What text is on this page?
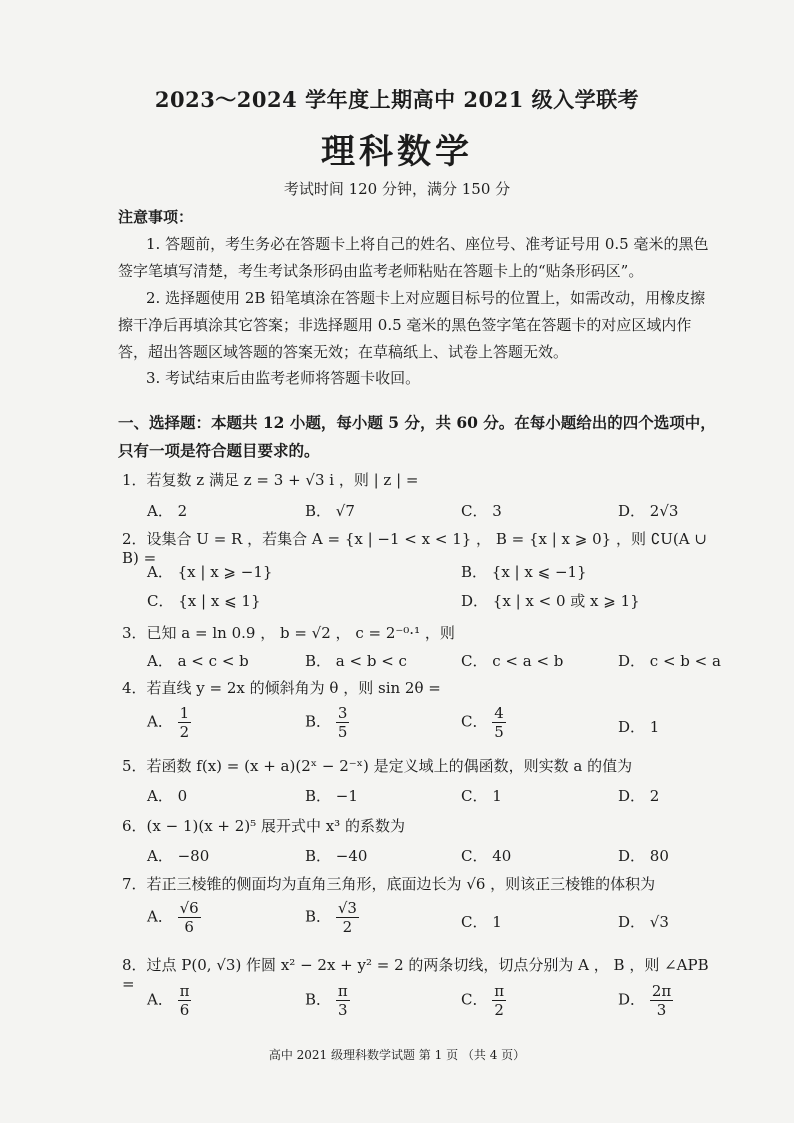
2023～2024 学年度上期高中 2021 级入学联考
理科数学
考试时间 120 分钟，满分 150 分
注意事项：
1. 答题前，考生务必在答题卡上将自己的姓名、座位号、准考证号用 0.5 毫米的黑色签字笔填写清楚，考生考试条形码由监考老师粘贴在答题卡上的“贴条形码区”。
2. 选择题使用 2B 铅笔填涂在答题卡上对应题目标号的位置上，如需改动，用橡皮擦擦干净后再填涂其它答案；非选择题用 0.5 毫米的黑色签字笔在答题卡的对应区域内作答，超出答题区域答题的答案无效；在草稿纸上、试卷上答题无效。
3. 考试结束后由监考老师将答题卡收回。
一、选择题：本题共 12 小题，每小题 5 分，共 60 分。在每小题给出的四个选项中，只有一项是符合题目要求的。
1．若复数 z 满足 z = 3 + √3 i ，则 | z | =
A． 2	B． √7	C． 3	D． 2√3
2．设集合 U = R ，若集合 A = {x | −1 < x < 1} ， B = {x | x ⩾ 0} ，则 ∁U(A ∪ B) =
A． {x | x ⩾ −1}	B． {x | x ⩽ −1}
C． {x | x ⩽ 1}	D． {x | x < 0 或 x ⩾ 1}
3．已知 a = ln 0.9 ， b = √2 ， c = 2⁻⁰·¹ ，则
A． a < c < b	B． a < b < c	C． c < a < b	D． c < b < a
4．若直线 y = 2x 的倾斜角为 θ ，则 sin 2θ =
A． $\frac{1}{2}$	B． $\frac{3}{5}$	C． $\frac{4}{5}$	D． 1
5．若函数 f(x) = (x + a)(2ˣ − 2⁻ˣ) 是定义域上的偶函数，则实数 a 的值为
A． 0	B． −1	C． 1	D． 2
6．(x − 1)(x + 2)⁵ 展开式中 x³ 的系数为
A． −80	B． −40	C． 40	D． 80
7．若正三棱锥的侧面均为直角三角形，底面边长为 √6 ，则该正三棱锥的体积为
A． $\frac{√6}{6}$	B． $\frac{√3}{2}$	C． 1	D． √3
8．过点 P(0, √3) 作圆 x² − 2x + y² = 2 的两条切线，切点分别为 A ， B ，则 ∠APB =
A． $\frac{\pi}{6}$	B． $\frac{\pi}{3}$	C． $\frac{\pi}{2}$	D． $\frac{2\pi}{3}$
高中 2021 级理科数学试题 第 1 页 （共 4 页）
